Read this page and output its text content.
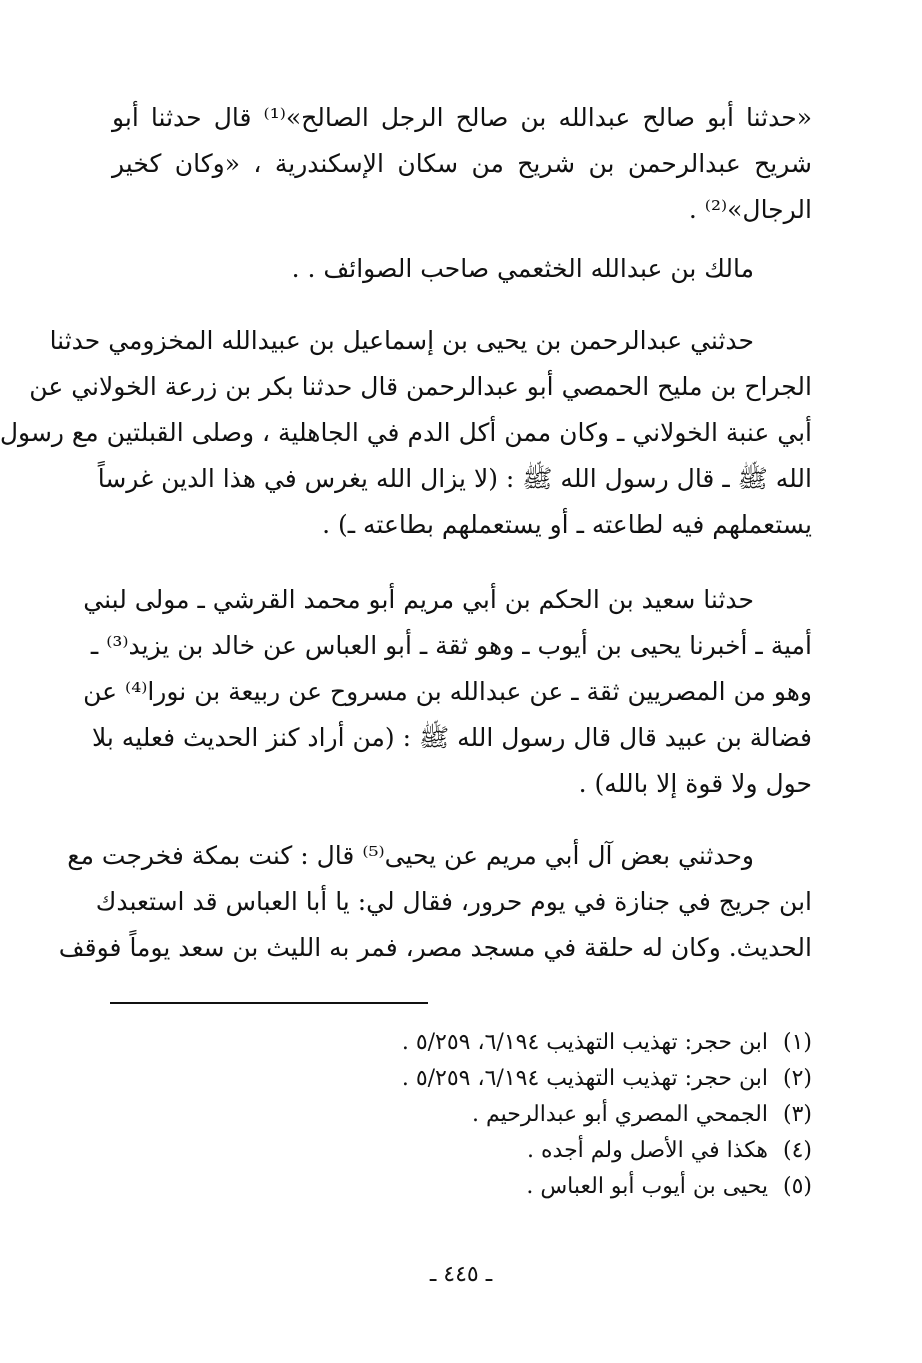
«حدثنا أبو صالح عبدالله بن صالح الرجل الصالح»⁽¹⁾ قال حدثنا أبو
شريح عبدالرحمن بن شريح من سكان الإسكندرية ، «وكان كخير
الرجال»⁽²⁾ .
مالك بن عبدالله الخثعمي صاحب الصوائف . .
حدثني عبدالرحمن بن يحيى بن إسماعيل بن عبيدالله المخزومي حدثنا
الجراح بن مليح الحمصي أبو عبدالرحمن قال حدثنا بكر بن زرعة الخولاني عن
أبي عنبة الخولاني ـ وكان ممن أكل الدم في الجاهلية ، وصلى القبلتين مع رسول
الله ﷺ ـ قال رسول الله ﷺ : (لا يزال الله يغرس في هذا الدين غرساً
يستعملهم فيه لطاعته ـ أو يستعملهم بطاعته ـ) .
حدثنا سعيد بن الحكم بن أبي مريم أبو محمد القرشي ـ مولى لبني
أمية ـ أخبرنا يحيى بن أيوب ـ وهو ثقة ـ أبو العباس عن خالد بن يزيد⁽³⁾ ـ
وهو من المصريين ثقة ـ عن عبدالله بن مسروح عن ربيعة بن نورا⁽⁴⁾ عن
فضالة بن عبيد قال قال رسول الله ﷺ : (من أراد كنز الحديث فعليه بلا
حول ولا قوة إلا بالله) .
وحدثني بعض آل أبي مريم عن يحيى⁽⁵⁾ قال : كنت بمكة فخرجت مع
ابن جريج في جنازة في يوم حرور، فقال لي: يا أبا العباس قد استعبدك
الحديث. وكان له حلقة في مسجد مصر، فمر به الليث بن سعد يوماً فوقف
(١)
ابن حجر: تهذيب التهذيب ٦/١٩٤، ٥/٢٥٩ .
(٢)
ابن حجر: تهذيب التهذيب ٦/١٩٤، ٥/٢٥٩ .
(٣)
الجمحي المصري أبو عبدالرحيم .
(٤)
هكذا في الأصل ولم أجده .
(٥)
يحيى بن أيوب أبو العباس .
ـ ٤٤٥ ـ
